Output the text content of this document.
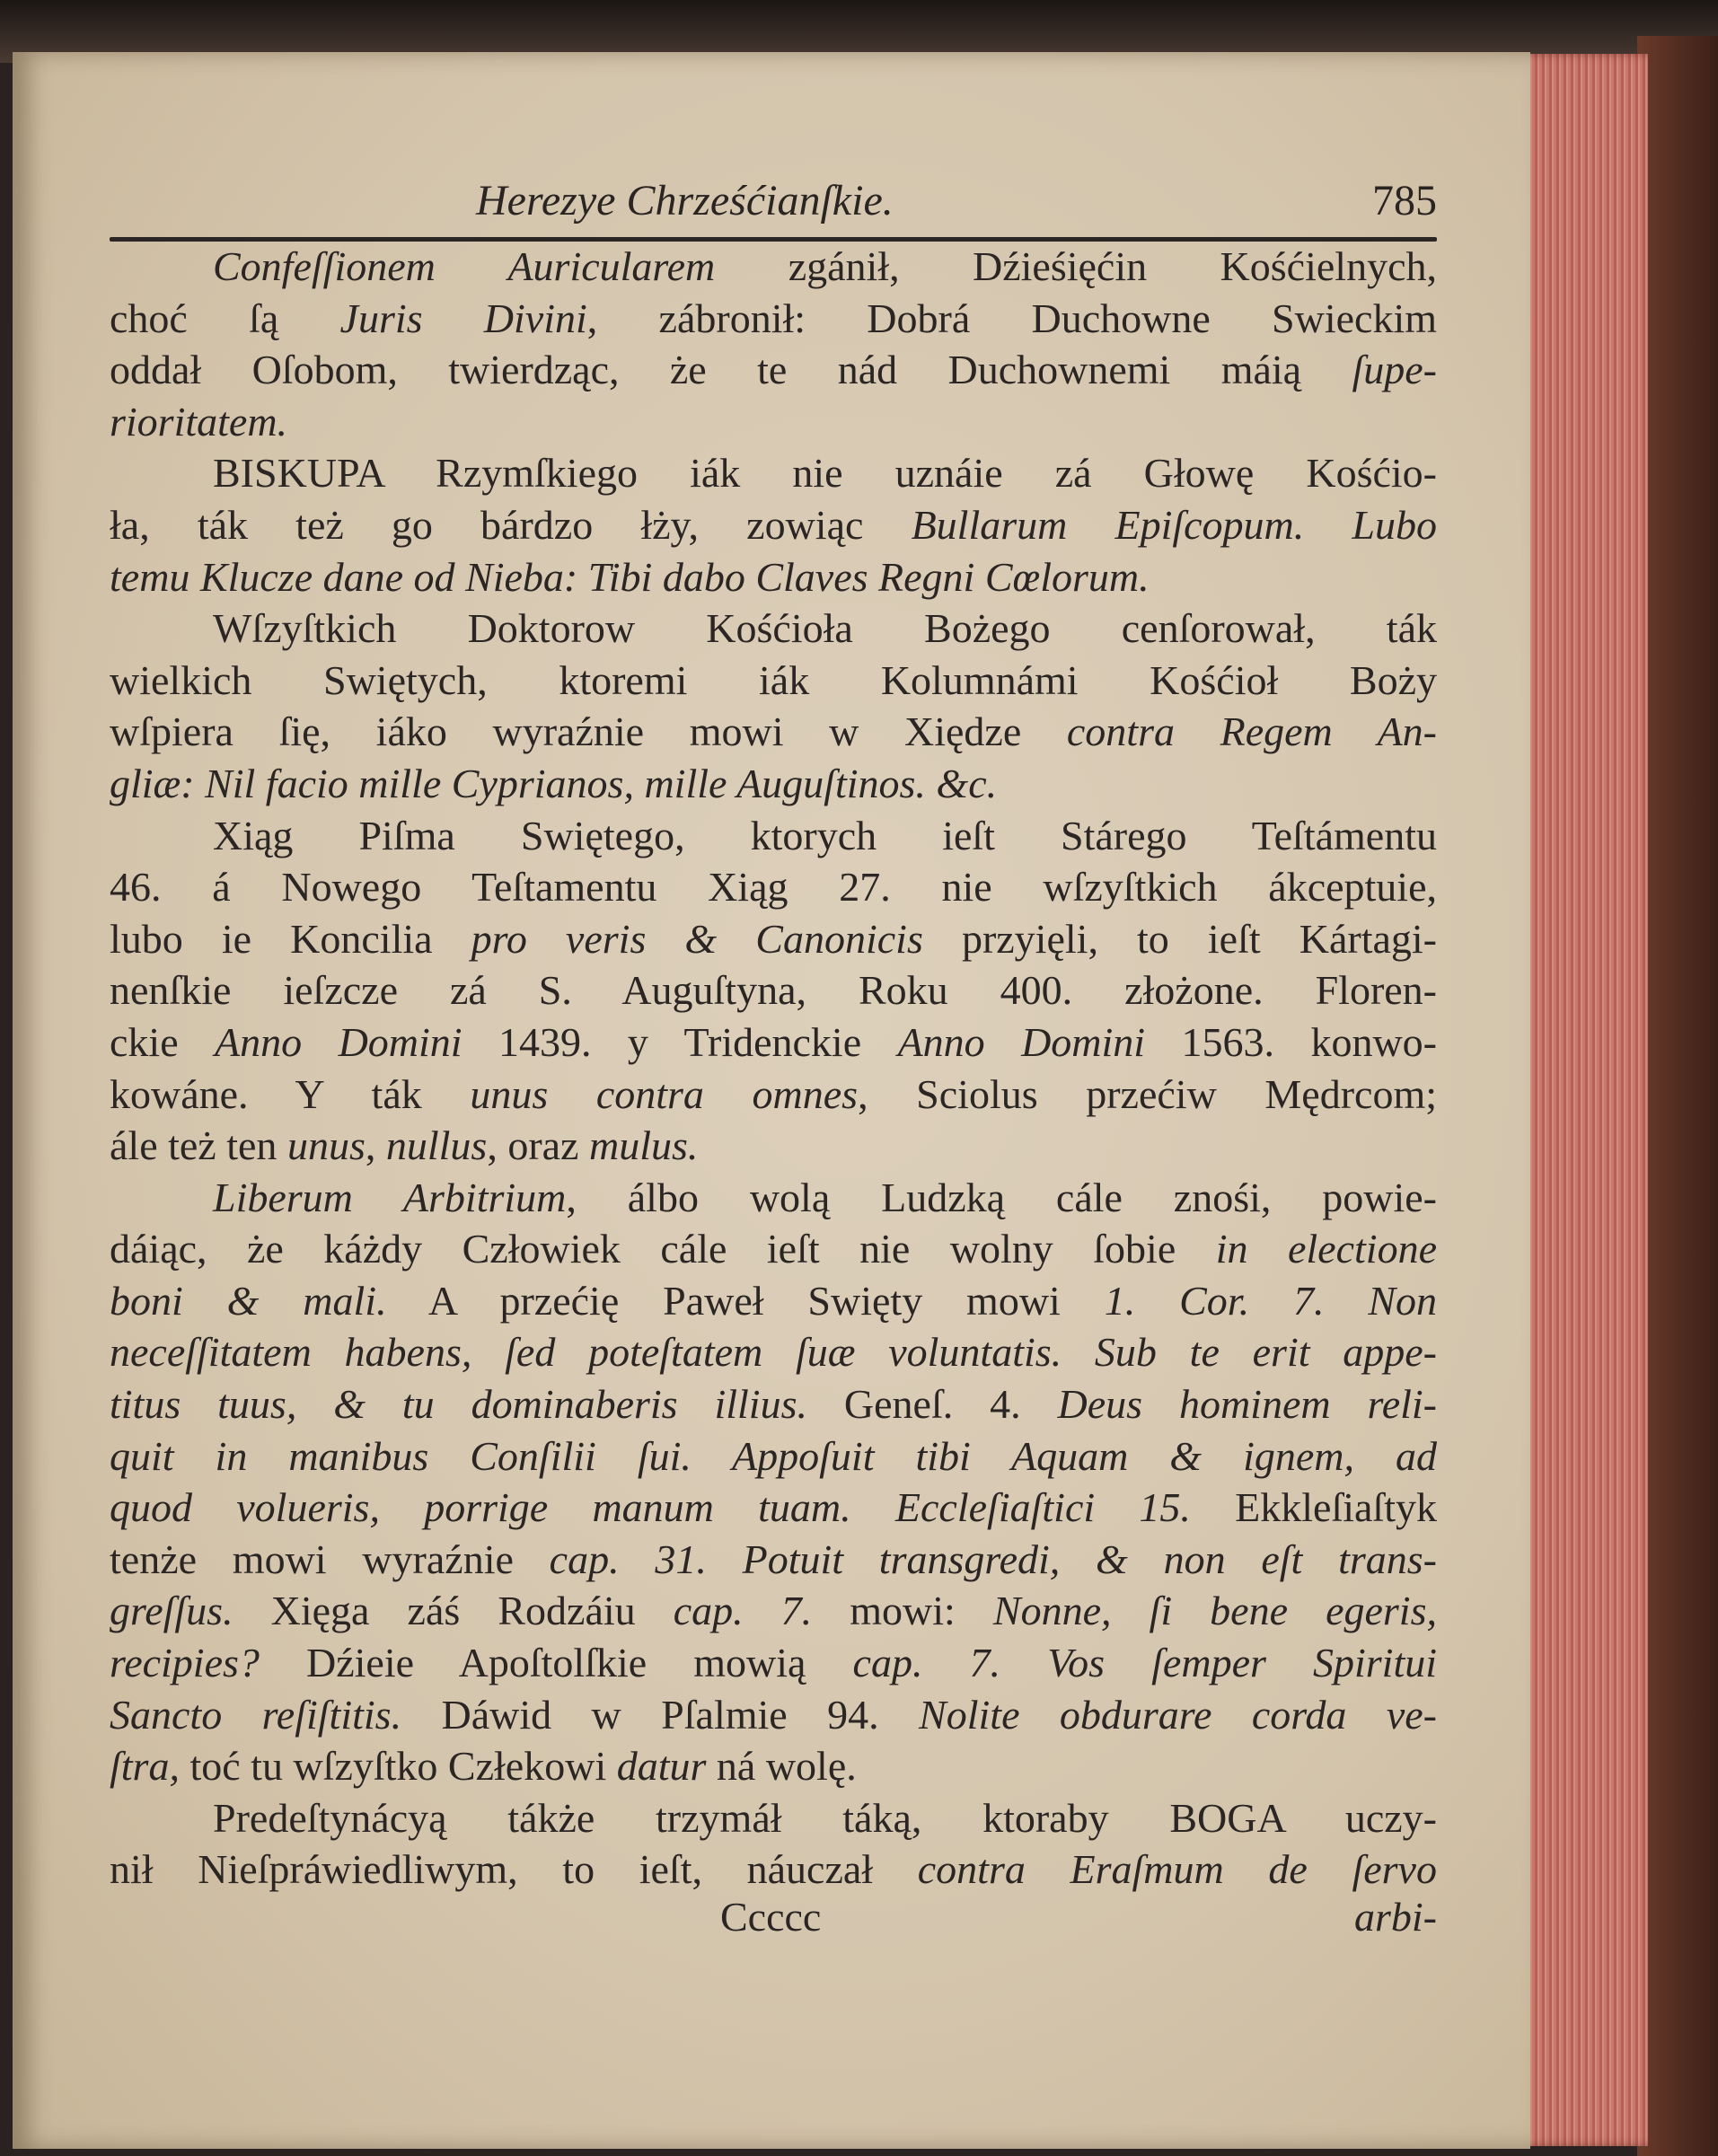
Herezye Chrześćianſkie.	785
Confeſſionem Auricularem zgánił, Dźieśięćin Kośćielnych,
choć ſą Juris Divini, zábronił: Dobrá Duchowne Swieckim
oddał Oſobom, twierdząc, że te nád Duchownemi máią ſupe-
rioritatem.
BISKUPA Rzymſkiego iák nie uznáie zá Głowę Kośćio-
ła, ták też go bárdzo łży, zowiąc Bullarum Epiſcopum. Lubo
temu Klucze dane od Nieba: Tibi dabo Claves Regni Cœlorum.
Wſzyſtkich Doktorow Kośćioła Bożego cenſorował, ták
wielkich Swiętych, ktoremi iák Kolumnámi Kośćioł Boży
wſpiera ſię, iáko wyraźnie mowi w Xiędze contra Regem An-
gliæ: Nil facio mille Cyprianos, mille Auguſtinos. &c.
Xiąg Piſma Swiętego, ktorych ieſt Stárego Teſtámentu
46. á Nowego Teſtamentu Xiąg 27. nie wſzyſtkich ákceptuie,
lubo ie Koncilia pro veris & Canonicis przyięli, to ieſt Kártagi-
nenſkie ieſzcze zá S. Auguſtyna, Roku 400. złożone. Floren-
ckie Anno Domini 1439. y Tridenckie Anno Domini 1563. konwo-
kowáne. Y ták unus contra omnes, Sciolus przećiw Mędrcom;
ále też ten unus, nullus, oraz mulus.
Liberum Arbitrium, álbo wolą Ludzką cále znośi, powie-
dáiąc, że káżdy Człowiek cále ieſt nie wolny ſobie in electione
boni & mali. A przećię Paweł Swięty mowi 1. Cor. 7. Non
neceſſitatem habens, ſed poteſtatem ſuæ voluntatis. Sub te erit appe-
titus tuus, & tu dominaberis illius. Geneſ. 4. Deus hominem reli-
quit in manibus Conſilii ſui. Appoſuit tibi Aquam & ignem, ad
quod volueris, porrige manum tuam. Eccleſiaſtici 15. Ekkleſiaſtyk
tenże mowi wyraźnie cap. 31. Potuit transgredi, & non eſt trans-
greſſus. Xięga záś Rodzáiu cap. 7. mowi: Nonne, ſi bene egeris,
recipies? Dźieie Apoſtolſkie mowią cap. 7. Vos ſemper Spiritui
Sancto reſiſtitis. Dáwid w Pſalmie 94. Nolite obdurare corda ve-
ſtra, toć tu wſzyſtko Człekowi datur ná wolę.
Predeſtynácyą tákże trzymáł táką, ktoraby BOGA uczy-
nił Nieſpráwiedliwym, to ieſt, náuczał contra Eraſmum de ſervo
Ccccc	arbi-
